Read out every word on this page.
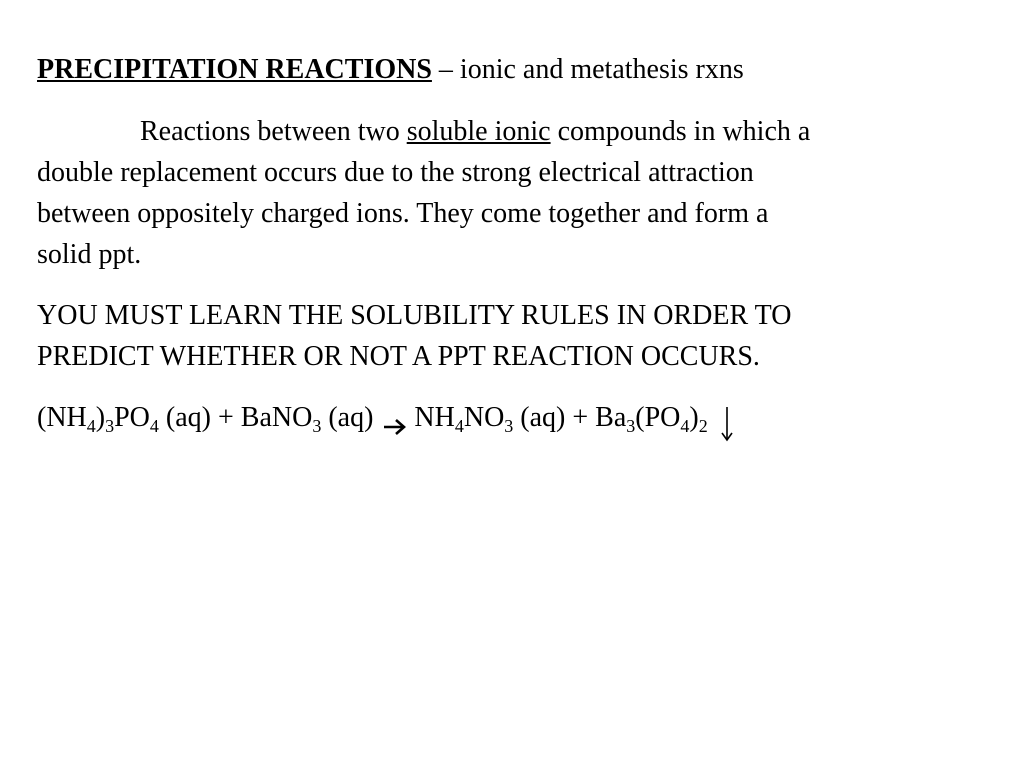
PRECIPITATION REACTIONS – ionic and metathesis rxns
Reactions between two soluble ionic compounds in which a
double replacement occurs due to the strong electrical attraction
between oppositely charged ions. They come together and form a
solid ppt.
YOU MUST LEARN THE SOLUBILITY RULES IN ORDER TO
PREDICT WHETHER OR NOT A PPT REACTION OCCURS.
$(NH_4)_3PO_4$ (aq) + BaNO$_3$ (aq) $NH_4NO_3$ $(aq) + Ba_3(PO_4)_2$
